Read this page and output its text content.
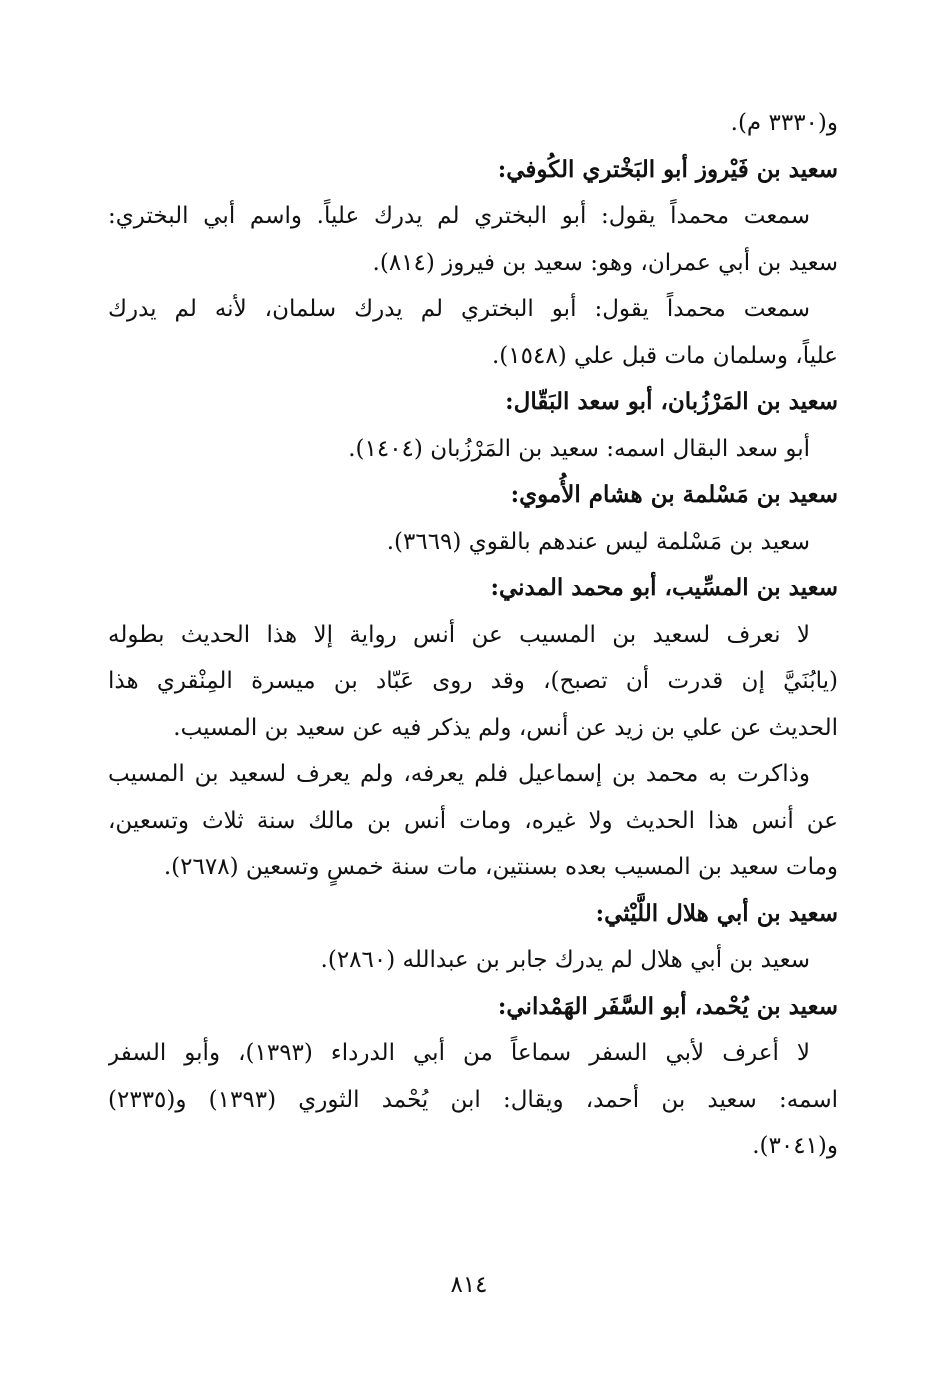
و(٣٣٣٠ م).
سعيد بن فَيْروز أبو البَخْتري الكُوفي:
سمعت محمداً يقول: أبو البختري لم يدرك علياً. واسم أبي البختري:
سعيد بن أبي عمران، وهو: سعيد بن فيروز (٨١٤).
سمعت محمداً يقول: أبو البختري لم يدرك سلمان، لأنه لم يدرك
علياً، وسلمان مات قبل علي (١٥٤٨).
سعيد بن المَرْزُبان، أبو سعد البَقّال:
أبو سعد البقال اسمه: سعيد بن المَرْزُبان (١٤٠٤).
سعيد بن مَسْلمة بن هشام الأُموي:
سعيد بن مَسْلمة ليس عندهم بالقوي (٣٦٦٩).
سعيد بن المسِّيب، أبو محمد المدني:
لا نعرف لسعيد بن المسيب عن أنس رواية إلا هذا الحديث بطوله
(يابُنَيَّ إن قدرت أن تصبح)، وقد روى عَبّاد بن ميسرة المِنْقري هذا
الحديث عن علي بن زيد عن أنس، ولم يذكر فيه عن سعيد بن المسيب.
وذاكرت به محمد بن إسماعيل فلم يعرفه، ولم يعرف لسعيد بن المسيب
عن أنس هذا الحديث ولا غيره، ومات أنس بن مالك سنة ثلاث وتسعين،
ومات سعيد بن المسيب بعده بسنتين، مات سنة خمسٍ وتسعين (٢٦٧٨).
سعيد بن أبي هلال اللَّيْثي:
سعيد بن أبي هلال لم يدرك جابر بن عبدالله (٢٨٦٠).
سعيد بن يُحْمد، أبو السَّفَر الهَمْداني:
لا أعرف لأبي السفر سماعاً من أبي الدرداء (١٣٩٣)، وأبو السفر
اسمه: سعيد بن أحمد، ويقال: ابن يُحْمد الثوري (١٣٩٣) و(٢٣٣٥)
و(٣٠٤١).
٨١٤
